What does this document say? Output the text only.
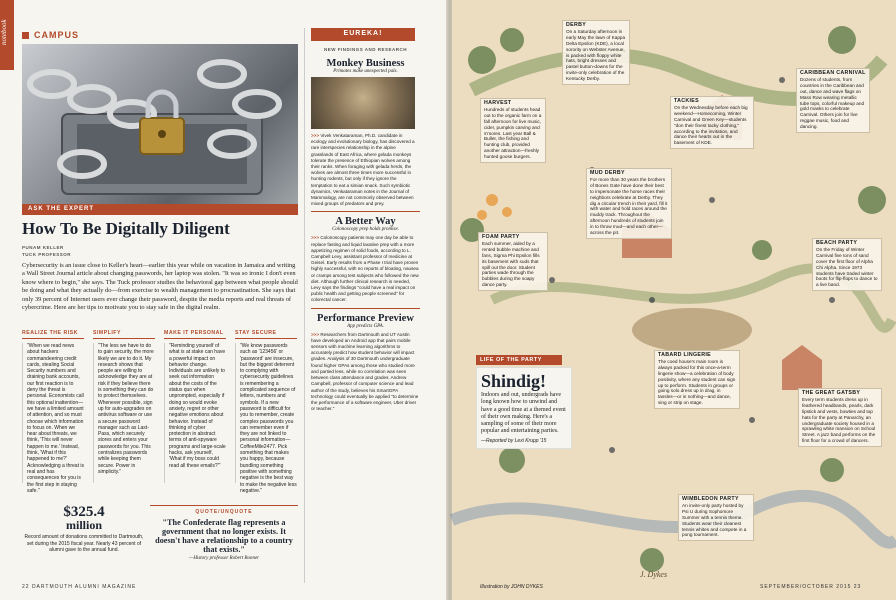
notebook	CAMPUS
ASK THE EXPERT
How To Be Digitally Diligent
PUNAM KELLER
TUCK PROFESSOR

Cybersecurity is an issue close to Keller's heart—earlier this year while on vacation in Jamaica and writing a Wall Street Journal article about changing passwords, her laptop was stolen. "It was so ironic I don't even know where to begin," she says. The Tuck professor studies the behavioral gap between what people should be doing and what they actually do—from exercise to wealth management to procrastination. She says that only 39 percent of Internet users ever change their password, despite the media reports and real threats of cybercrime. Here are her tips to motivate you to stay safe in the digital realm.

REALIZE THE RISK

"When we read news about hackers commandeering credit cards, stealing Social Security numbers and draining bank accounts, our first reaction is to deny the threat is personal. Economists call this optional inattention—we have a limited amount of attention, and so must choose which information to focus on. When we hear about threats, we think, 'This will never happen to me.' Instead, think, 'What if this happened to me?' Acknowledging a threat is real and has consequences for you is the first step in staying safe."

SIMPLIFY

"The less we have to do to gain security, the more likely we are to do it. My research shows that people are willing to acknowledge they are at risk if they believe there is something they can do to protect themselves. Whenever possible, sign up for auto-upgrades on antivirus software or use a secure password manager such as Last-Pass, which securely stores and enters your passwords for you. This centralizes passwords while keeping them secure. Power in simplicity."

MAKE IT PERSONAL

"Reminding yourself of what is at stake can have a powerful impact on behavior change. Individuals are unlikely to seek out information about the costs of the status quo when unprompted, especially if doing so would evoke anxiety, regret or other negative emotions about behavior. Instead of thinking of cyber protection in abstract terms of anti-spyware programs and large-scale hacks, ask yourself, 'What if my boss could read all these emails?'"

STAY SECURE

"We know passwords such as '123456' or 'password' are insecure, but the biggest deterrent to complying with cybersecurity guidelines is remembering a complicated sequence of letters, numbers and symbols. If a new password is difficult for you to remember, create complex passwords you can remember even if they are not linked to personal information—CoffeeMile2477. Pick something that makes you happy, because bundling something positive with something negative is the best way to make the negative less negative."

$325.4
million
Record amount of donations committed to Dartmouth, set during the 2015 fiscal year. Nearly 43 percent of alumni gave to the annual fund.
QUOTE/UNQUOTE
"The Confederate flag represents a government that no longer exists. It doesn't have a relationship to a country that exists."
—History professor Robert Bonner
22 DARTMOUTH ALUMNI MAGAZINE
EUREKA!
NEW FINDINGS AND RESEARCH
Monkey Business
Primates make unexpected pals.

>>> Vivek Venkataraman, Ph.D. candidate in ecology and evolutionary biology, has discovered a rare interspecies relationship in the alpine grasslands of East Africa, where gelada monkeys tolerate the presence of Ethiopian wolves among their ranks. When foraging with gelada herds, the wolves are almost three times more successful in hunting rodents, but only if they ignore the temptation to eat a simian snack. Such symbiotic dynamics, Venkataraman notes in the Journal of Mammalogy, are not commonly observed between mixed groups of predators and prey.

A Better Way
Colonoscopy prep holds promise.

>>> Colonoscopy patients may one day be able to replace fasting and liquid laxative prep with a more appetizing regimen of solid foods, according to L. Campbell Levy, assistant professor of medicine at Geisel. Early results from a Phase I trial have proven highly successful, with no reports of bloating, nausea or cramps among test subjects who followed the new diet. Although further clinical research is needed, Levy says the findings "could have a real impact on public health and getting people screened" for colorectal cancer.

Performance Preview
App predicts GPA.

>>> Researchers from Dartmouth and UT Austin have developed an Android app that pairs mobile sensors with machine learning algorithms to accurately predict how student behavior will impact grades. Analysis of 30 Dartmouth undergraduate found higher GPAs among those who studied more and partied less, while no correlation was seen between class attendance and grades. Andrew Campbell, professor of computer science and lead author of the study, believes his SmartGPA technology could eventually be applied "to determine the performance of a software engineer, Uber driver or teacher."

HARVEST
Hundreds of students head out to the organic farm on a fall afternoon for live music, cider, pumpkin carving and s'mores. Last year Ball & Bullet, the fishing and hunting club, provided another attraction—freshly hunted goose burgers.
DERBY
On a Saturday afternoon in early May the lawn of Kappa Delta Epsilon (KDE), a local sorority on Webster Avenue, is packed with floppy white hats, bright dresses and pastel button-downs for the invite-only celebration of the Kentucky Derby.
TACKIES
On the Wednesday before each big weekend—Homecoming, Winter Carnival and Green Key—students "don their finest tacky clothing," according to the invitation, and dance their hearts out in the basement of KDE.
CARIBBEAN CARNIVAL
Dozens of students, from countries in the Caribbean and out, dance and wave flags on Mass Row wearing metallic tube tops, colorful makeup and gold masks to celebrate Carnival. Others join for live reggae music, food and dancing.
MUD DERBY
For more than 30 years the brothers of Bones Gate have done their best to impersonate the horse races their neighbors celebrate at Derby. They dig a circular trench in their yard, fill it with water and hold races around the muddy track. Throughout the afternoon hundreds of students join in to throw mud—and each other—across the pit.
FOAM PARTY
Each summer, aided by a rented bubble machine and fans, Sigma Phi Epsilon fills its basement with suds that spill out the door. Student parties wade through the bubbles during the soapy dance party.
BEACH PARTY
On the Friday of Winter Carnival five tons of sand cover the first floor of Alpha Chi Alpha. Since 1973 students have traded winter boots for flip-flops to dance to a live band.
TABARD LINGERIE
The coed house's main room is always packed for this once-a-term lingerie show—a celebration of body positivity, where any student can sign up to perform. Students in groups or going solo dress up in drag, in tassles—or in nothing—and dance, sing or strip on stage.
THE GREAT GATSBY
Every term students dress up in feathered headbands, pearls, dark lipstick and vests, bowties and top hats for the party at Panarchy, an undergraduate society housed in a sprawling white mansion on School Street. A jazz band performs on the first floor for a crowd of dancers.
WIMBLEDON PARTY
An invite-only party hosted by Psi U during Sophomore Summer with a tennis theme. Students wear their cleanest tennis whites and compete in a pong tournament.
LIFE OF THE PARTY
Shindig!

Indoors and out, undergrads have long known how to unwind and have a good time at a themed event of their own making. Here's a sampling of some of their more popular and entertaining parties.

—Reported by Lexi Krupp '15
J. Dykes
Illustration by JOHN DYKES	SEPTEMBER/OCTOBER 2015 23
